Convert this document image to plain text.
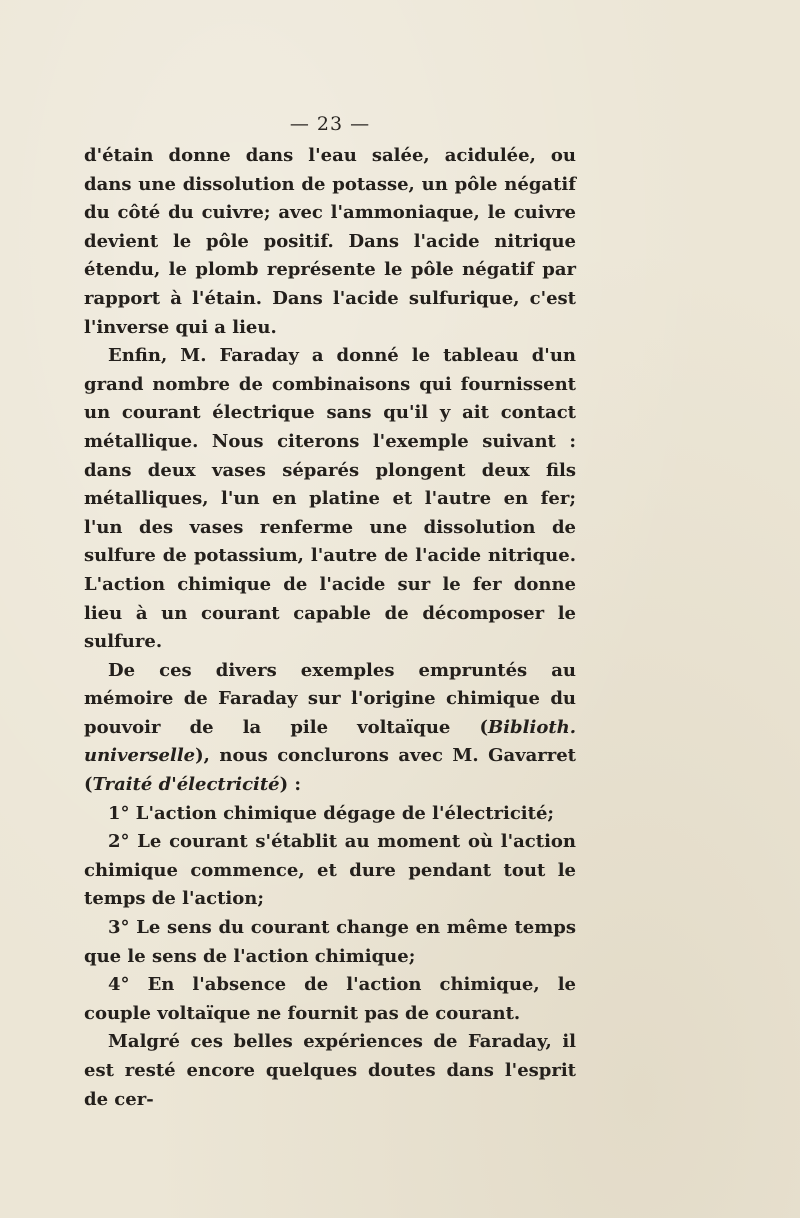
— 23 —

d'étain donne dans l'eau salée, acidulée, ou dans une dissolution de potasse, un pôle négatif du côté du cuivre; avec l'ammoniaque, le cuivre devient le pôle positif. Dans l'acide nitrique étendu, le plomb représente le pôle négatif par rapport à l'étain. Dans l'acide sulfurique, c'est l'inverse qui a lieu.

Enfin, M. Faraday a donné le tableau d'un grand nombre de combinaisons qui fournissent un courant électrique sans qu'il y ait contact métallique. Nous citerons l'exemple suivant : dans deux vases séparés plongent deux fils métalliques, l'un en platine et l'autre en fer; l'un des vases renferme une dissolution de sulfure de potassium, l'autre de l'acide nitrique. L'action chimique de l'acide sur le fer donne lieu à un courant capable de décomposer le sulfure.

De ces divers exemples empruntés au mémoire de Faraday sur l'origine chimique du pouvoir de la pile voltaïque (Biblioth. universelle), nous conclurons avec M. Gavarret (Traité d'électricité) :

1° L'action chimique dégage de l'électricité;

2° Le courant s'établit au moment où l'action chimique commence, et dure pendant tout le temps de l'action;

3° Le sens du courant change en même temps que le sens de l'action chimique;

4° En l'absence de l'action chimique, le couple voltaïque ne fournit pas de courant.

Malgré ces belles expériences de Faraday, il est resté encore quelques doutes dans l'esprit de cer-
